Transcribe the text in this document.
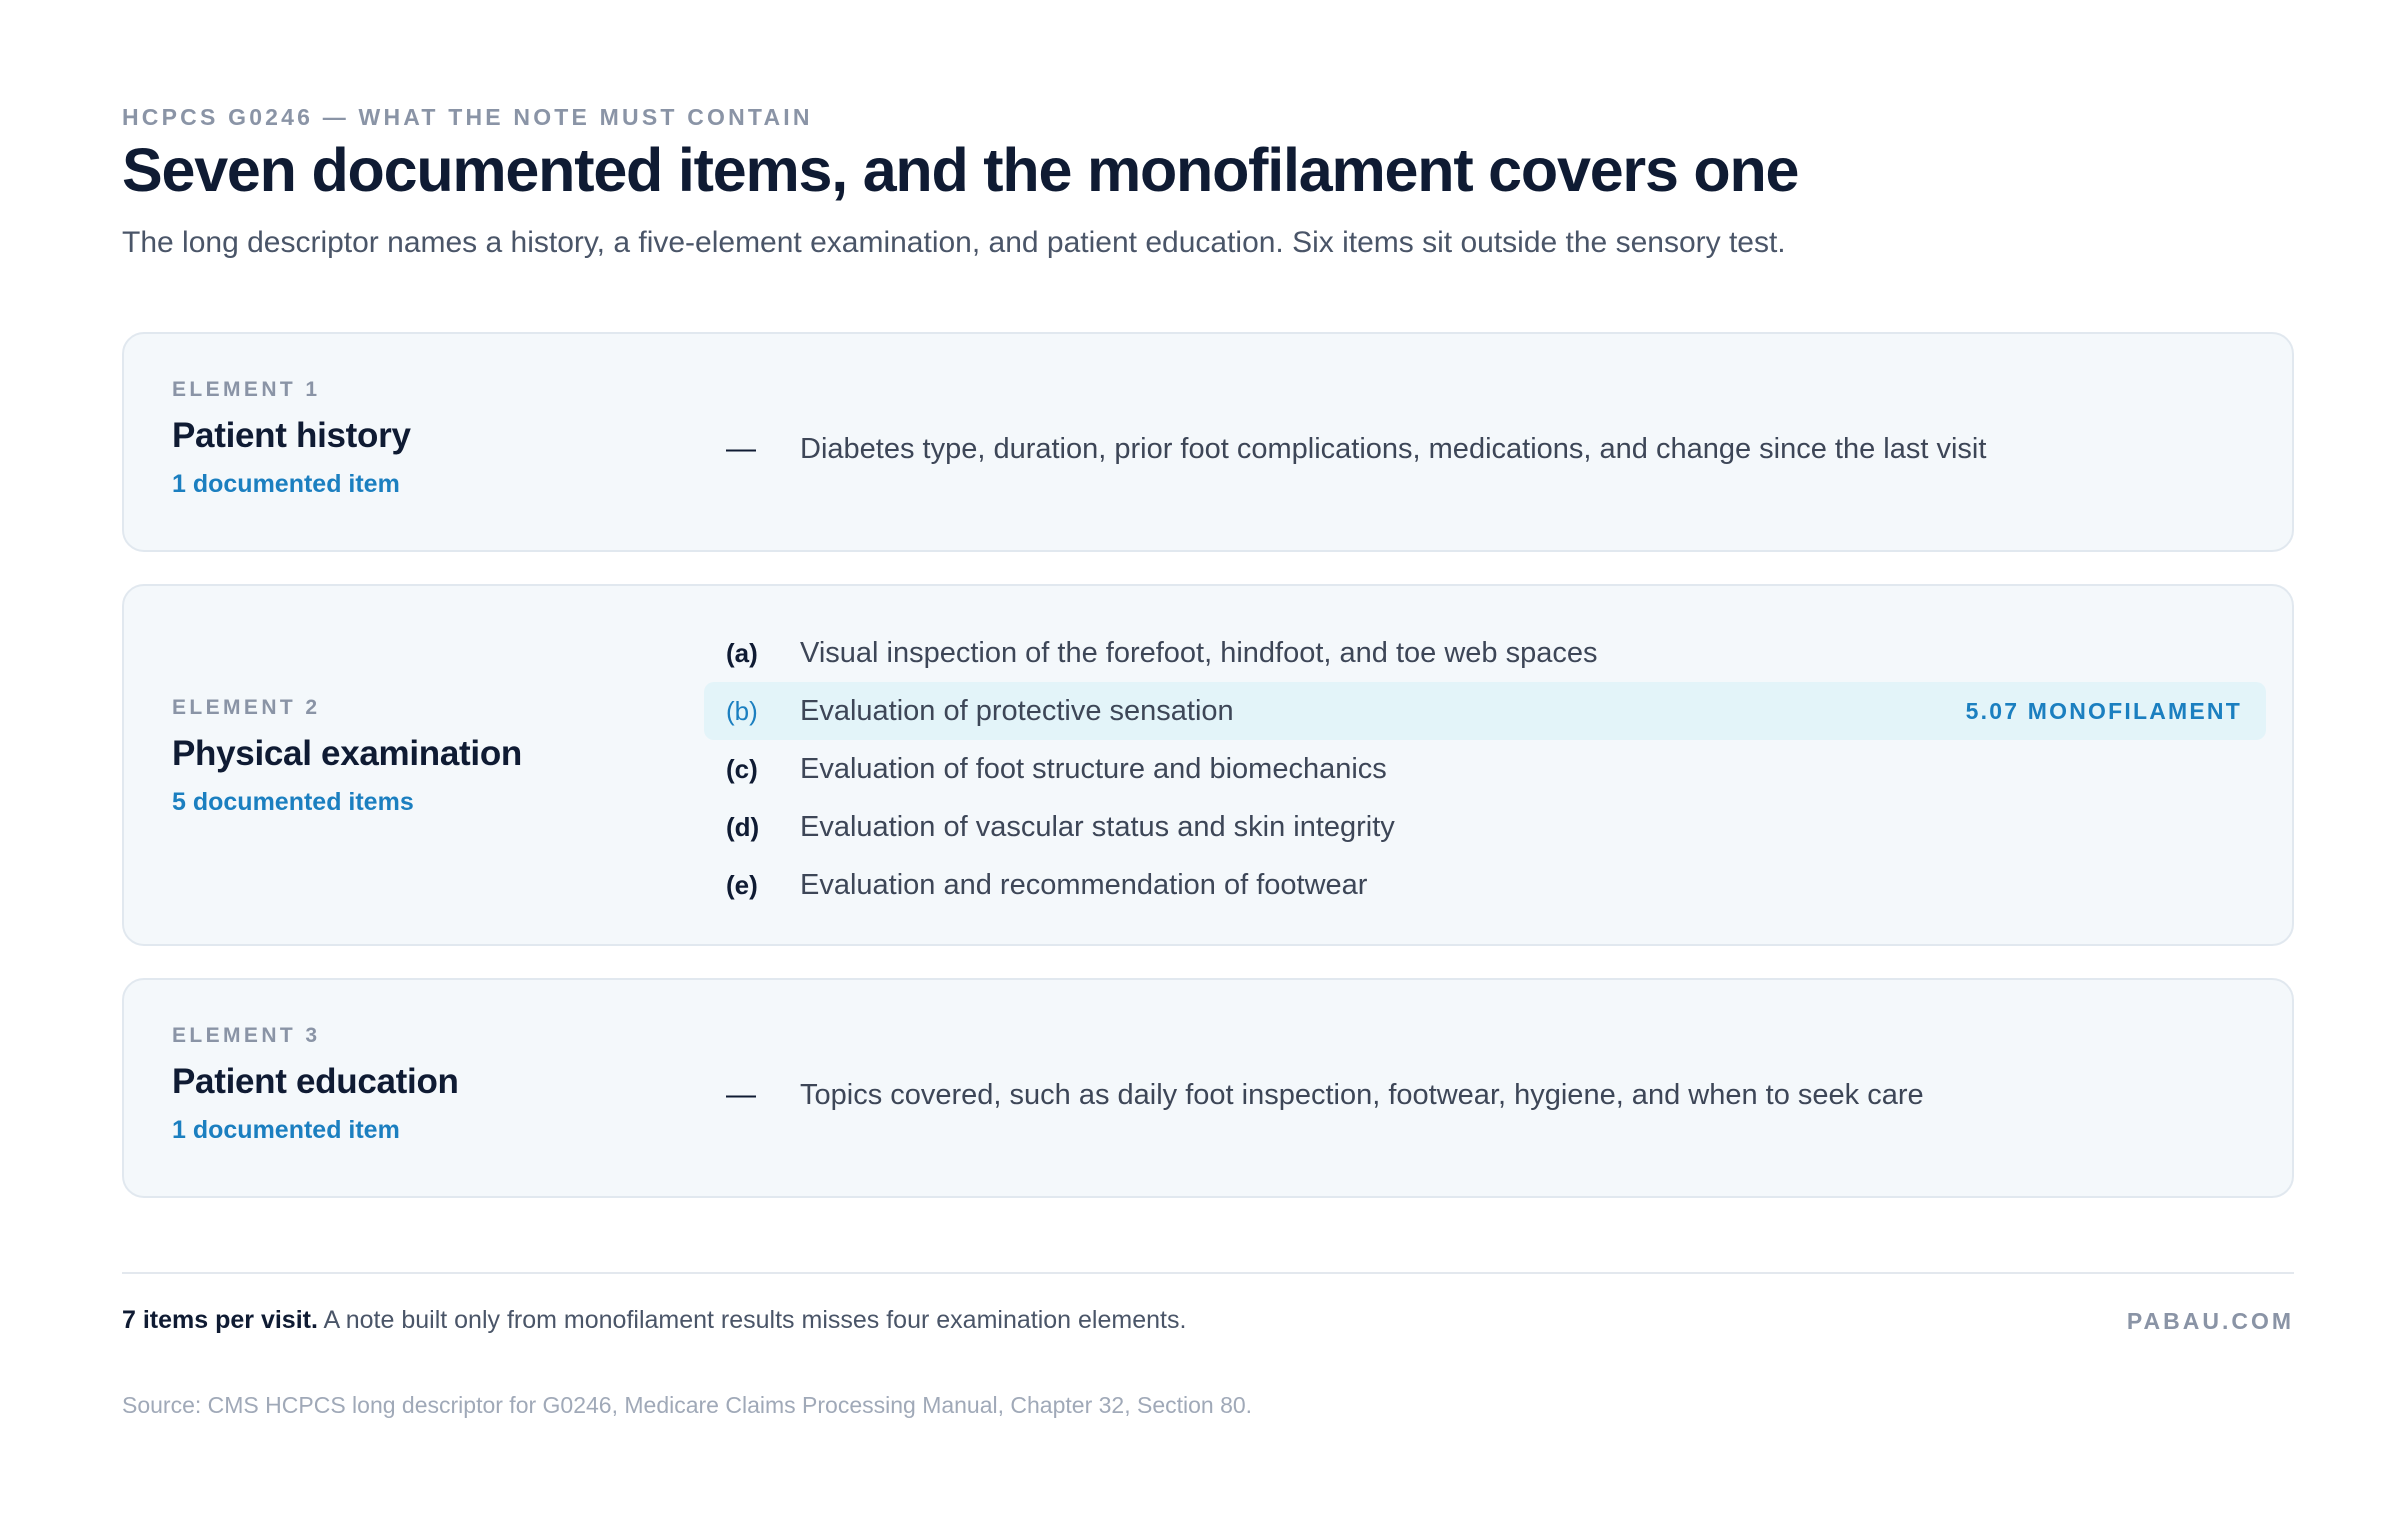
HCPCS G0246 — WHAT THE NOTE MUST CONTAIN

Seven documented items, and the monofilament covers one

The long descriptor names a history, a five-element examination, and patient education. Six items sit outside the sensory test.

ELEMENT 1

Patient history

1 documented item

—	Diabetes type, duration, prior foot complications, medications, and change since the last visit

ELEMENT 2

Physical examination

5 documented items

(a)	Visual inspection of the forefoot, hindfoot, and toe web spaces
(b)	Evaluation of protective sensation	5.07 MONOFILAMENT
(c)	Evaluation of foot structure and biomechanics
(d)	Evaluation of vascular status and skin integrity
(e)	Evaluation and recommendation of footwear

ELEMENT 3

Patient education

1 documented item

—	Topics covered, such as daily foot inspection, footwear, hygiene, and when to seek care
7 items per visit. A note built only from monofilament results misses four examination elements.	PABAU.COM
Source: CMS HCPCS long descriptor for G0246, Medicare Claims Processing Manual, Chapter 32, Section 80.
